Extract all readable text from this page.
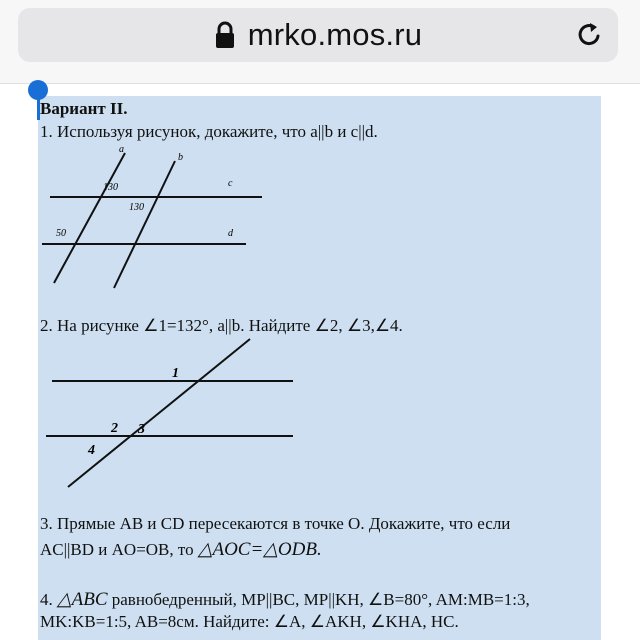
mrko.mos.ru
Вариант II.
1. Используя рисунок, докажите, что a||b и c||d.
a
b
c
d
130
130
50
2. На рисунке ∠1=132°, a||b. Найдите ∠2, ∠3,∠4.
1
2 3
4
3. Прямые AB и CD пересекаются в точке O. Докажите, что если
AC||BD и AO=OB, то △AOC=△ODB.
4. △ABC равнобедренный, MP||BC, MP||KH, ∠B=80°, AM:MB=1:3,
MK:KB=1:5, AB=8см. Найдите: ∠A, ∠AKH, ∠KHA, HC.
